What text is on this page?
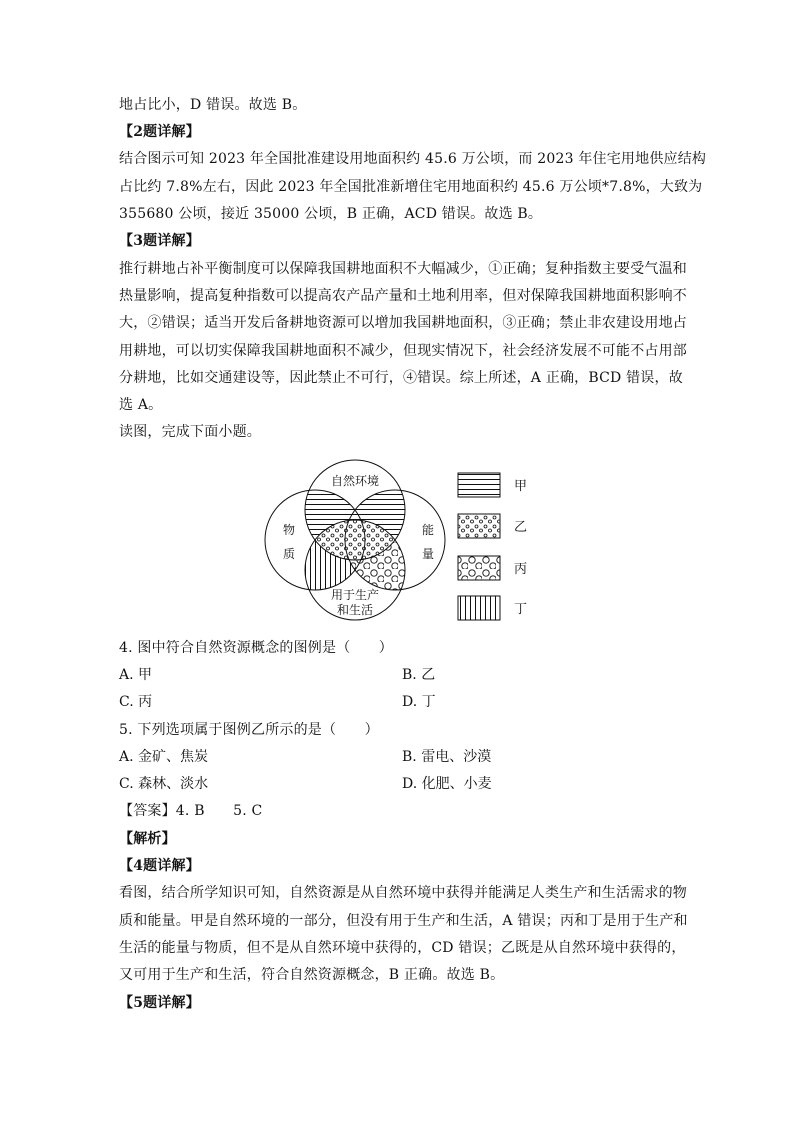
地占比小，D 错误。故选 B。
【2题详解】
结合图示可知 2023 年全国批准建设用地面积约 45.6 万公顷，而 2023 年住宅用地供应结构
占比约 7.8%左右，因此 2023 年全国批准新增住宅用地面积约 45.6 万公顷*7.8%，大致为
355680 公顷，接近 35000 公顷，B 正确，ACD 错误。故选 B。
【3题详解】
推行耕地占补平衡制度可以保障我国耕地面积不大幅减少，①正确；复种指数主要受气温和
热量影响，提高复种指数可以提高农产品产量和土地利用率，但对保障我国耕地面积影响不
大，②错误；适当开发后备耕地资源可以增加我国耕地面积，③正确；禁止非农建设用地占
用耕地，可以切实保障我国耕地面积不减少，但现实情况下，社会经济发展不可能不占用部
分耕地，比如交通建设等，因此禁止不可行，④错误。综上所述，A 正确，BCD 错误，故
选 A。
读图，完成下面小题。
自然环境
物
质
能
量
用于生产
和生活
甲
乙
丙
丁
4. 图中符合自然资源概念的图例是（　　）
A. 甲	B. 乙
C. 丙	D. 丁
5. 下列选项属于图例乙所示的是（　　）
A. 金矿、焦炭	B. 雷电、沙漠
C. 森林、淡水	D. 化肥、小麦
【答案】4. B　　5. C
【解析】
【4题详解】
看图，结合所学知识可知，自然资源是从自然环境中获得并能满足人类生产和生活需求的物
质和能量。甲是自然环境的一部分，但没有用于生产和生活，A 错误；丙和丁是用于生产和
生活的能量与物质，但不是从自然环境中获得的，CD 错误；乙既是从自然环境中获得的，
又可用于生产和生活，符合自然资源概念，B 正确。故选 B。
【5题详解】
